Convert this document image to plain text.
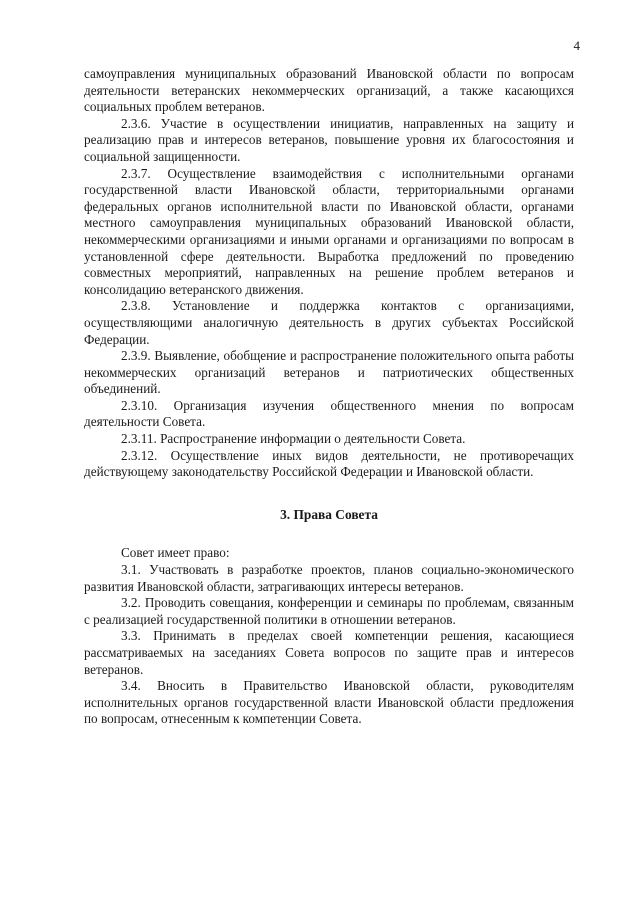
4

самоуправления муниципальных образований Ивановской области по вопросам деятельности ветеранских некоммерческих организаций, а также касающихся социальных проблем ветеранов.

2.3.6. Участие в осуществлении инициатив, направленных на защиту и реализацию прав и интересов ветеранов, повышение уровня их благосостояния и социальной защищенности.

2.3.7. Осуществление взаимодействия с исполнительными органами государственной власти Ивановской области, территориальными органами федеральных органов исполнительной власти по Ивановской области, органами местного самоуправления муниципальных образований Ивановской области, некоммерческими организациями и иными органами и организациями по вопросам в установленной сфере деятельности. Выработка предложений по проведению совместных мероприятий, направленных на решение проблем ветеранов и консолидацию ветеранского движения.

2.3.8. Установление и поддержка контактов с организациями, осуществляющими аналогичную деятельность в других субъектах Российской Федерации.

2.3.9. Выявление, обобщение и распространение положительного опыта работы некоммерческих организаций ветеранов и патриотических общественных объединений.

2.3.10. Организация изучения общественного мнения по вопросам деятельности Совета.

2.3.11. Распространение информации о деятельности Совета.

2.3.12. Осуществление иных видов деятельности, не противоречащих действующему законодательству Российской Федерации и Ивановской области.

3. Права Совета

Совет имеет право:

3.1. Участвовать в разработке проектов, планов социально-экономического развития Ивановской области, затрагивающих интересы ветеранов.

3.2. Проводить совещания, конференции и семинары по проблемам, связанным с реализацией государственной политики в отношении ветеранов.

3.3. Принимать в пределах своей компетенции решения, касающиеся рассматриваемых на заседаниях Совета вопросов по защите прав и интересов ветеранов.

3.4. Вносить в Правительство Ивановской области, руководителям исполнительных органов государственной власти Ивановской области предложения по вопросам, отнесенным к компетенции Совета.
